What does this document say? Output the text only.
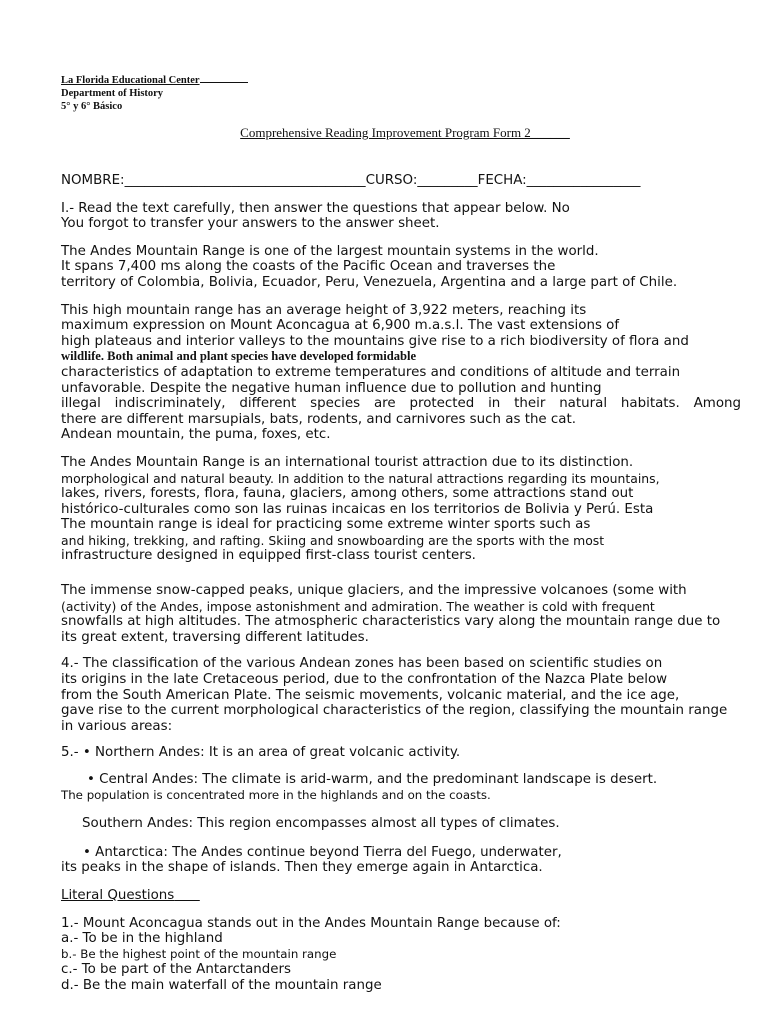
La Florida Educational Center
Department of History
5° y 6° Básico
Comprehensive Reading Improvement Program Form 2______
NOMBRE:____________________________________CURSO:_________FECHA:_________________
I.- Read the text carefully, then answer the questions that appear below. No
You forgot to transfer your answers to the answer sheet.
The Andes Mountain Range is one of the largest mountain systems in the world.
It spans 7,400 ms along the coasts of the Pacific Ocean and traverses the
territory of Colombia, Bolivia, Ecuador, Peru, Venezuela, Argentina and a large part of Chile.
This high mountain range has an average height of 3,922 meters, reaching its
maximum expression on Mount Aconcagua at 6,900 m.a.s.l. The vast extensions of
high plateaus and interior valleys to the mountains give rise to a rich biodiversity of flora and
wildlife. Both animal and plant species have developed formidable
characteristics of adaptation to extreme temperatures and conditions of altitude and terrain
unfavorable. Despite the negative human influence due to pollution and hunting
illegal indiscriminately, different species are protected in their natural habitats. Among
there are different marsupials, bats, rodents, and carnivores such as the cat.
Andean mountain, the puma, foxes, etc.
The Andes Mountain Range is an international tourist attraction due to its distinction.
morphological and natural beauty. In addition to the natural attractions regarding its mountains,
lakes, rivers, forests, flora, fauna, glaciers, among others, some attractions stand out
histórico-culturales como son las ruinas incaicas en los territorios de Bolivia y Perú. Esta
The mountain range is ideal for practicing some extreme winter sports such as
and hiking, trekking, and rafting. Skiing and snowboarding are the sports with the most
infrastructure designed in equipped first-class tourist centers.
The immense snow-capped peaks, unique glaciers, and the impressive volcanoes (some with
(activity) of the Andes, impose astonishment and admiration. The weather is cold with frequent
snowfalls at high altitudes. The atmospheric characteristics vary along the mountain range due to
its great extent, traversing different latitudes.
4.- The classification of the various Andean zones has been based on scientific studies on
its origins in the late Cretaceous period, due to the confrontation of the Nazca Plate below
from the South American Plate. The seismic movements, volcanic material, and the ice age,
gave rise to the current morphological characteristics of the region, classifying the mountain range
in various areas:
5.- • Northern Andes: It is an area of great volcanic activity.
• Central Andes: The climate is arid-warm, and the predominant landscape is desert.
The population is concentrated more in the highlands and on the coasts.
Southern Andes: This region encompasses almost all types of climates.
• Antarctica: The Andes continue beyond Tierra del Fuego, underwater,
its peaks in the shape of islands. Then they emerge again in Antarctica.
Literal Questions
1.- Mount Aconcagua stands out in the Andes Mountain Range because of:
a.- To be in the highland
b.- Be the highest point of the mountain range
c.- To be part of the Antarctanders
d.- Be the main waterfall of the mountain range
